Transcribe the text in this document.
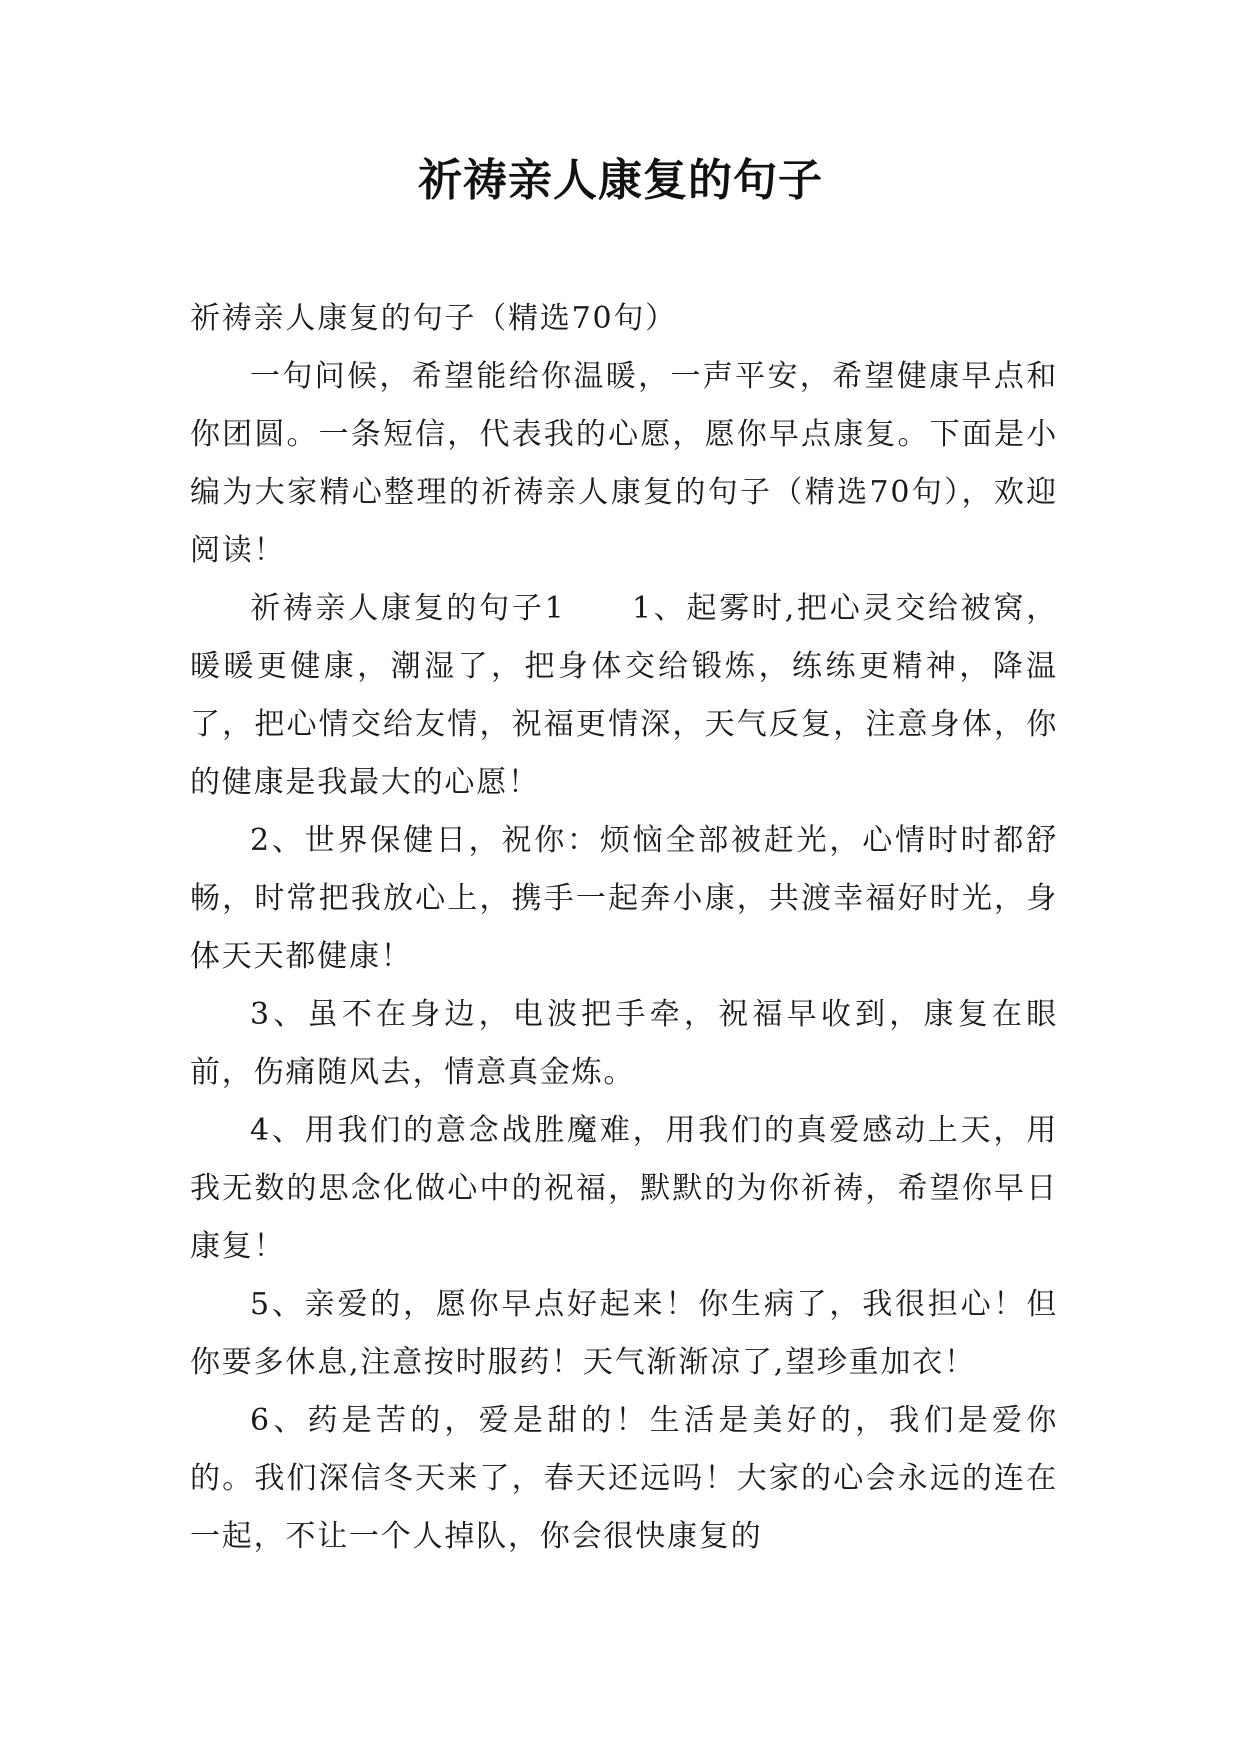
祈祷亲人康复的句子

祈祷亲人康复的句子（精选70句）

一句问候，希望能给你温暖，一声平安，希望健康早点和你团圆。一条短信，代表我的心愿，愿你早点康复。下面是小编为大家精心整理的祈祷亲人康复的句子（精选70句），欢迎阅读！

祈祷亲人康复的句子1　　1、起雾时,把心灵交给被窝，暖暖更健康，潮湿了，把身体交给锻炼，练练更精神，降温了，把心情交给友情，祝福更情深，天气反复，注意身体，你的健康是我最大的心愿！

2、世界保健日，祝你：烦恼全部被赶光，心情时时都舒畅，时常把我放心上，携手一起奔小康，共渡幸福好时光，身体天天都健康！

3、虽不在身边，电波把手牵，祝福早收到，康复在眼前，伤痛随风去，情意真金炼。

4、用我们的意念战胜魔难，用我们的真爱感动上天，用我无数的思念化做心中的祝福，默默的为你祈祷，希望你早日康复！

5、亲爱的，愿你早点好起来！你生病了，我很担心！但你要多休息,注意按时服药！天气渐渐凉了,望珍重加衣！

6、药是苦的，爱是甜的！生活是美好的，我们是爱你的。我们深信冬天来了，春天还远吗！大家的心会永远的连在一起，不让一个人掉队，你会很快康复的
